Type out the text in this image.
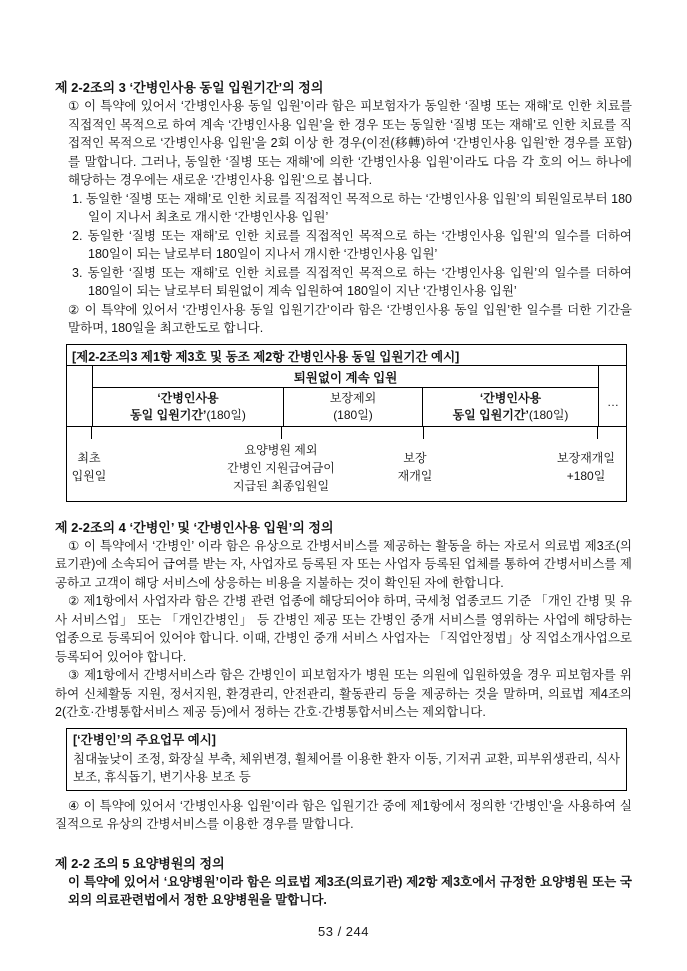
제 2-2조의 3 ‘간병인사용 동일 입원기간’의 정의

① 이 특약에 있어서 ‘간병인사용 동일 입원’이라 함은 피보험자가 동일한 ‘질병 또는 재해’로 인한 치료를 직접적인 목적으로 하여 계속 ‘간병인사용 입원’을 한 경우 또는 동일한 ‘질병 또는 재해’로 인한 치료를 직접적인 목적으로 ‘간병인사용 입원’을 2회 이상 한 경우(이전(移轉)하여 ‘간병인사용 입원’한 경우를 포함)를 말합니다. 그러나, 동일한 ‘질병 또는 재해’에 의한 ‘간병인사용 입원’이라도 다음 각 호의 어느 하나에 해당하는 경우에는 새로운 ‘간병인사용 입원’으로 봅니다.

1. 동일한 ‘질병 또는 재해’로 인한 치료를 직접적인 목적으로 하는 ‘간병인사용 입원’의 퇴원일로부터 180일이 지나서 최초로 개시한 ‘간병인사용 입원’
2. 동일한 ‘질병 또는 재해’로 인한 치료를 직접적인 목적으로 하는 ‘간병인사용 입원’의 일수를 더하여 180일이 되는 날로부터 180일이 지나서 개시한 ‘간병인사용 입원’
3. 동일한 ‘질병 또는 재해’로 인한 치료를 직접적인 목적으로 하는 ‘간병인사용 입원’의 일수를 더하여 180일이 되는 날로부터 퇴원없이 계속 입원하여 180일이 지난 ‘간병인사용 입원’

② 이 특약에 있어서 ‘간병인사용 동일 입원기간’이라 함은 ‘간병인사용 동일 입원’한 일수를 더한 기간을 말하며, 180일을 최고한도로 합니다.

[제2-2조의3 제1항 제3호 및 동조 제2항 간병인사용 동일 입원기간 예시]
퇴원없이 계속 입원
‘간병인사용
동일 입원기간’(180일)
보장제외
(180일)
‘간병인사용
동일 입원기간’(180일)
…
최초
입원일
요양병원 제외
간병인 지원급여금이
지급된 최종입원일
보장
재개일
보장재개일
+180일
제 2-2조의 4 ‘간병인’ 및 ‘간병인사용 입원’의 정의

① 이 특약에서 ‘간병인’ 이라 함은 유상으로 간병서비스를 제공하는 활동을 하는 자로서 의료법 제3조(의료기관)에 소속되어 급여를 받는 자, 사업자로 등록된 자 또는 사업자 등록된 업체를 통하여 간병서비스를 제공하고 고객이 해당 서비스에 상응하는 비용을 지불하는 것이 확인된 자에 한합니다.

② 제1항에서 사업자라 함은 간병 관련 업종에 해당되어야 하며, 국세청 업종코드 기준 「개인 간병 및 유사 서비스업」 또는 「개인간병인」 등 간병인 제공 또는 간병인 중개 서비스를 영위하는 사업에 해당하는 업종으로 등록되어 있어야 합니다. 이때, 간병인 중개 서비스 사업자는 「직업안정법」상 직업소개사업으로 등록되어 있어야 합니다.

③ 제1항에서 간병서비스라 함은 간병인이 피보험자가 병원 또는 의원에 입원하였을 경우 피보험자를 위하여 신체활동 지원, 정서지원, 환경관리, 안전관리, 활동관리 등을 제공하는 것을 말하며, 의료법 제4조의2(간호·간병통합서비스 제공 등)에서 정하는 간호·간병통합서비스는 제외합니다.

[‘간병인’의 주요업무 예시]
침대높낮이 조정, 화장실 부축, 체위변경, 휠체어를 이용한 환자 이동, 기저귀 교환, 피부위생관리, 식사보조, 휴식돕기, 변기사용 보조 등

④ 이 특약에 있어서 ‘간병인사용 입원’이라 함은 입원기간 중에 제1항에서 정의한 ‘간병인’을 사용하여 실질적으로 유상의 간병서비스를 이용한 경우를 말합니다.

제 2-2 조의 5 요양병원의 정의

이 특약에 있어서 ‘요양병원’이라 함은 의료법 제3조(의료기관) 제2항 제3호에서 규정한 요양병원 또는 국외의 의료관련법에서 정한 요양병원을 말합니다.

53 / 244
